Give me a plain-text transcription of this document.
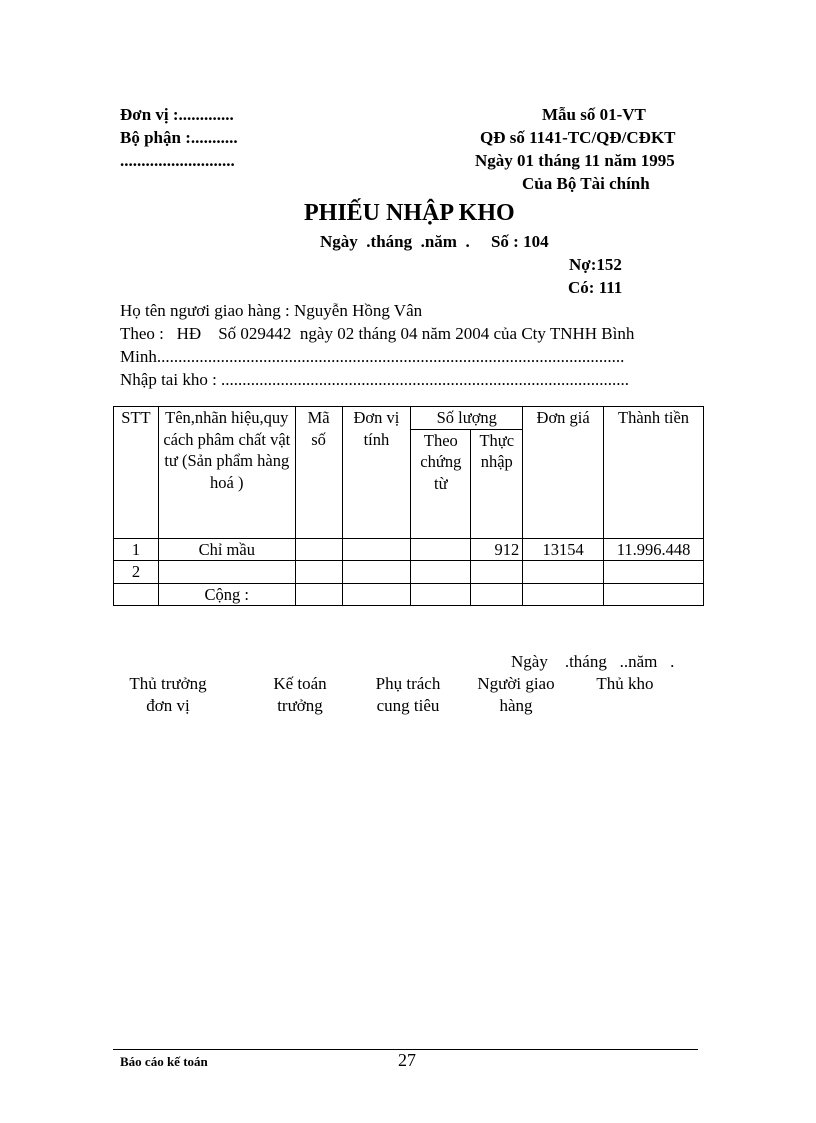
Đơn vị :.............
Bộ phận :...........
...........................
Mẫu số 01-VT
QĐ số 1141-TC/QĐ/CĐKT
Ngày 01 tháng 11 năm 1995
Của Bộ Tài chính
PHIẾU NHẬP KHO
Ngày  .tháng  .năm  .     Số : 104
Nợ:152
Có: 111
Họ tên ngươi giao hàng : Nguyễn Hồng Vân
Theo :   HĐ    Số 029442  ngày 02 tháng 04 năm 2004 của Cty TNHH Bình
Minh..............................................................................................................
Nhập tai kho : ................................................................................................
STT	Tên,nhãn hiệu,quy cách phâm chất vật tư (Sản phẩm hàng hoá )	Mã số	Đơn vị tính	Số lượng		Đơn giá	Thành tiền
				Theo chứng từ	Thực nhập		
1	Chỉ mầu				912	13154	11.996.448
2							
	Cộng :						
Ngày    .tháng   ..năm   .
Thủ trưởng
đơn vị
Kế toán
trưởng
Phụ trách
cung tiêu
Người giao
hàng
Thủ kho
Báo cáo kế toán	27
